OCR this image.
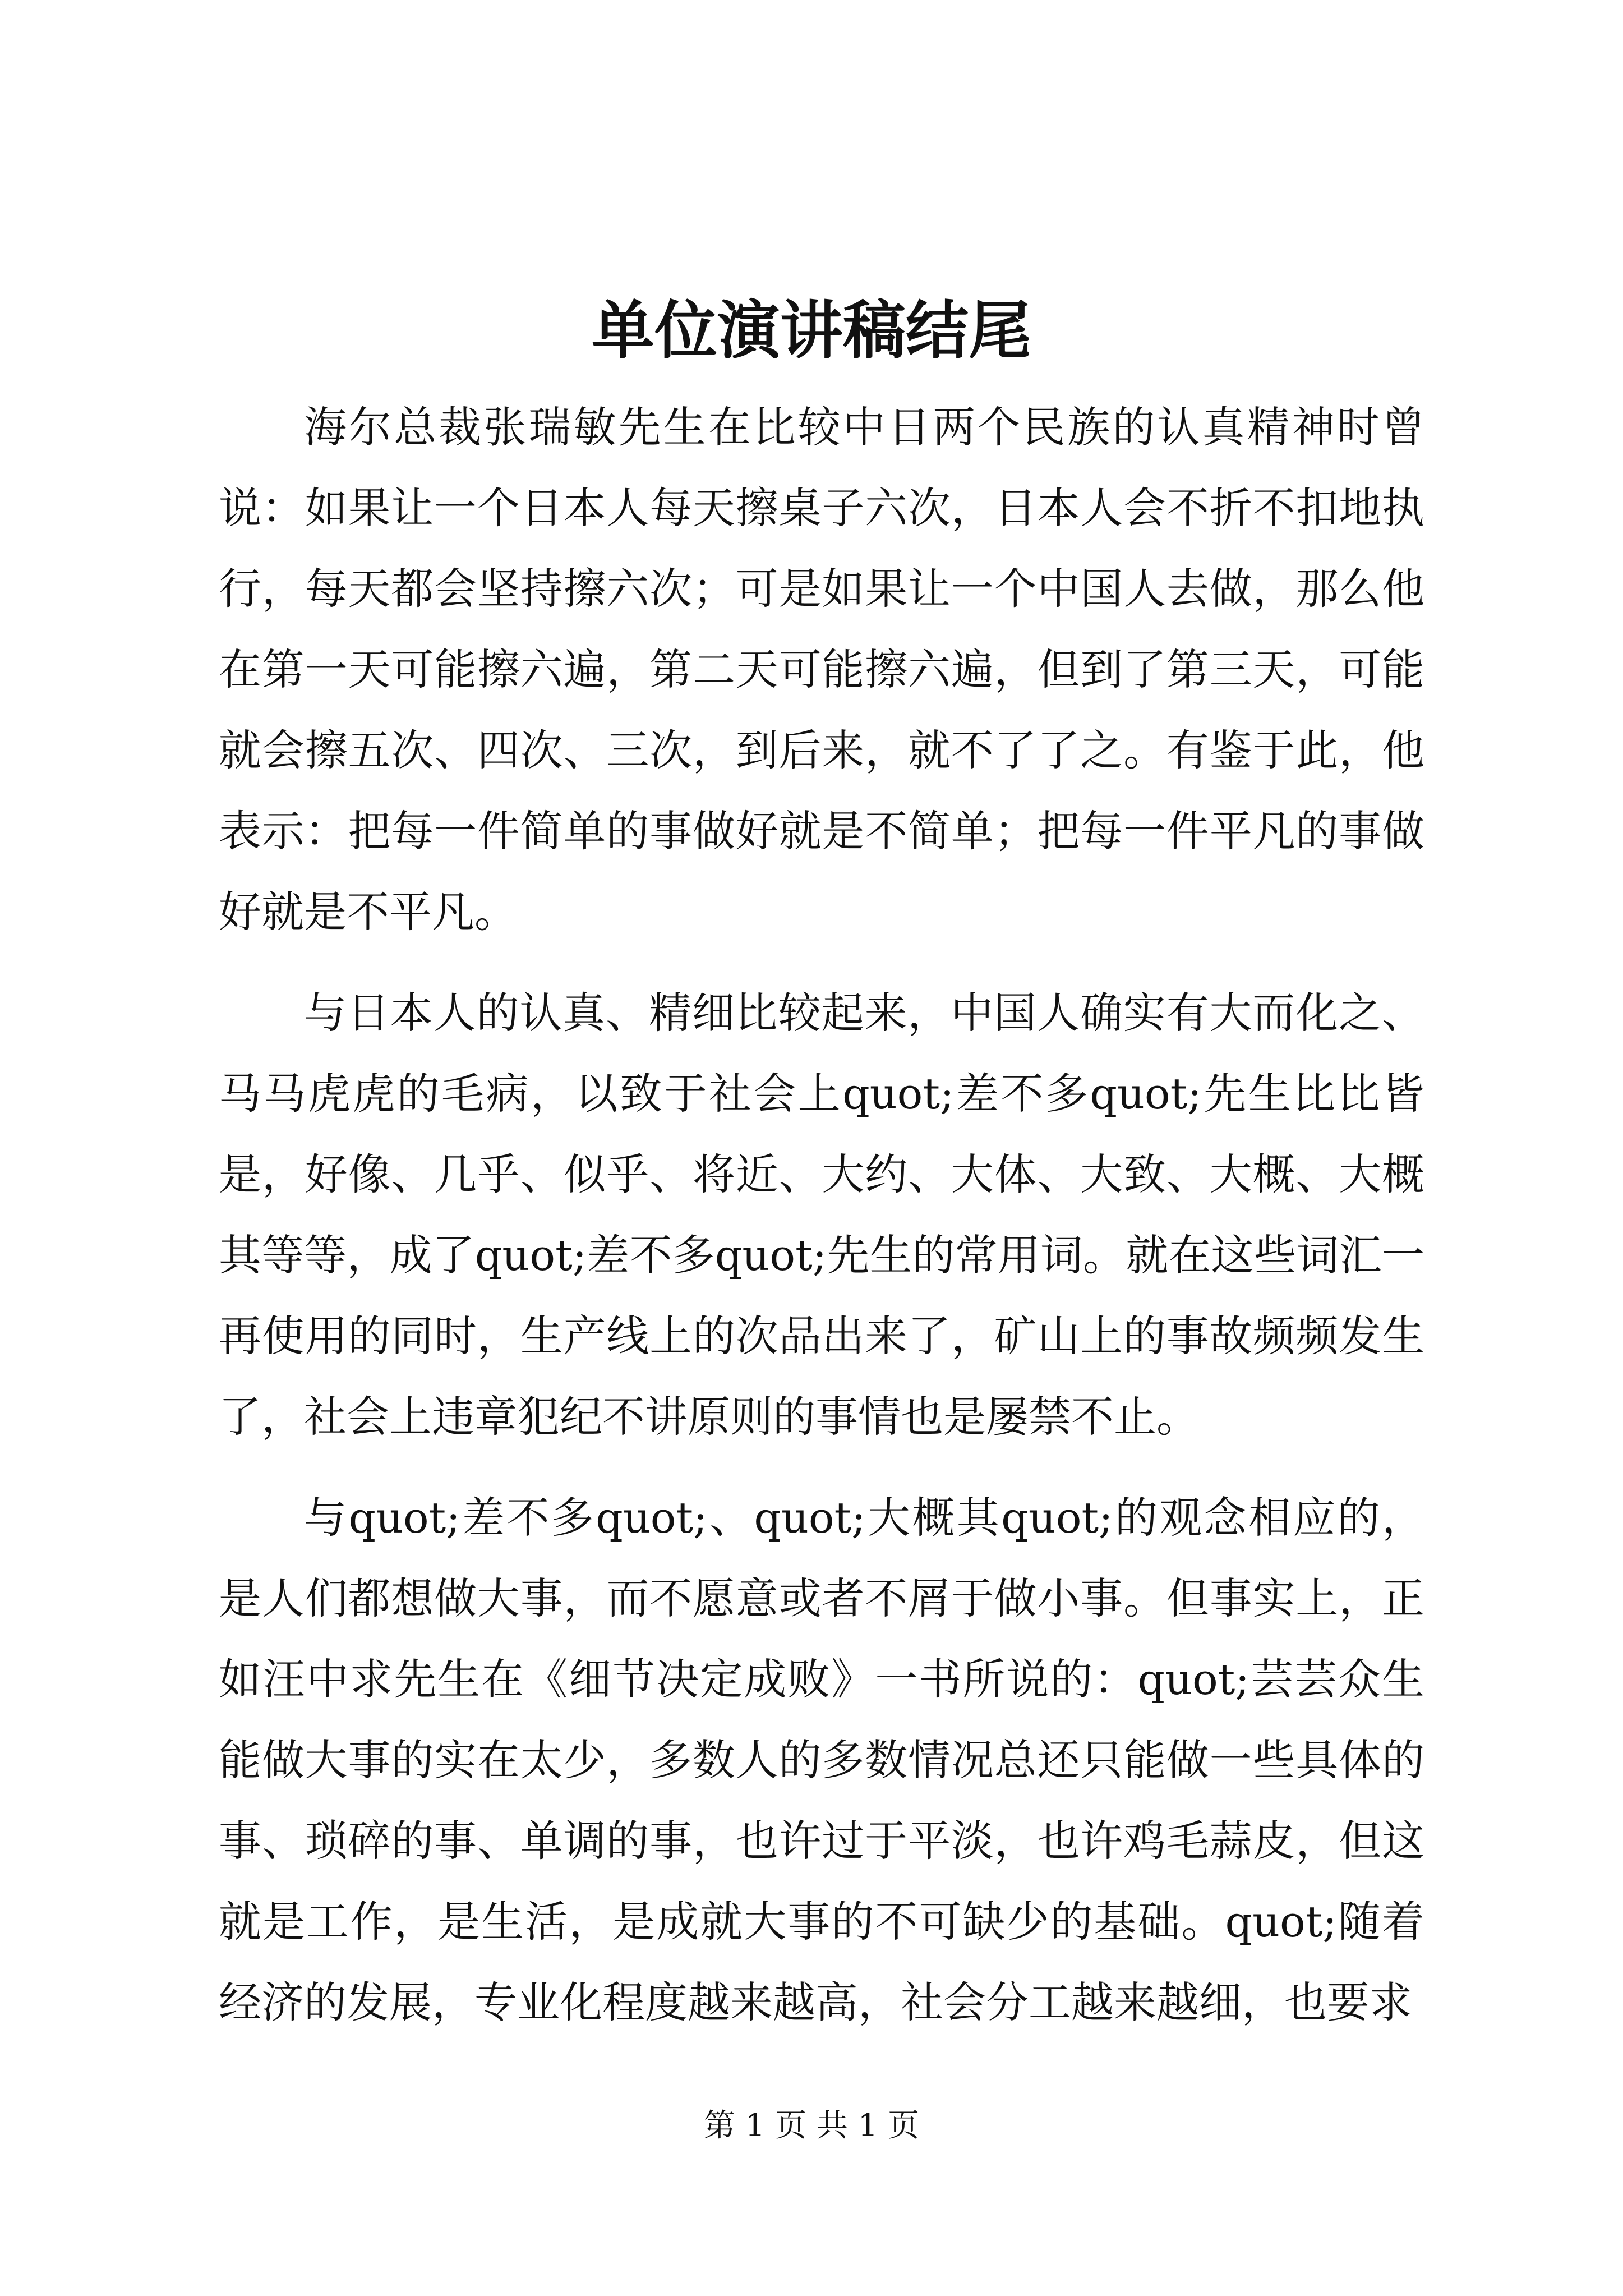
单位演讲稿结尾

海尔总裁张瑞敏先生在比较中日两个民族的认真精神时曾说：如果让一个日本人每天擦桌子六次，日本人会不折不扣地执行，每天都会坚持擦六次；可是如果让一个中国人去做，那么他在第一天可能擦六遍，第二天可能擦六遍，但到了第三天，可能就会擦五次、四次、三次，到后来，就不了了之。有鉴于此，他表示：把每一件简单的事做好就是不简单；把每一件平凡的事做好就是不平凡。

与日本人的认真、精细比较起来，中国人确实有大而化之、马马虎虎的毛病，以致于社会上quot;差不多quot;先生比比皆是，好像、几乎、似乎、将近、大约、大体、大致、大概、大概其等等，成了quot;差不多quot;先生的常用词。就在这些词汇一再使用的同时，生产线上的次品出来了，矿山上的事故频频发生了，社会上违章犯纪不讲原则的事情也是屡禁不止。

与quot;差不多quot;、quot;大概其quot;的观念相应的，是人们都想做大事，而不愿意或者不屑于做小事。但事实上，正如汪中求先生在《细节决定成败》一书所说的：quot;芸芸众生能做大事的实在太少，多数人的多数情况总还只能做一些具体的事、琐碎的事、单调的事，也许过于平淡，也许鸡毛蒜皮，但这就是工作，是生活，是成就大事的不可缺少的基础。quot;随着经济的发展，专业化程度越来越高，社会分工越来越细，也要求

第 1 页 共 1 页
